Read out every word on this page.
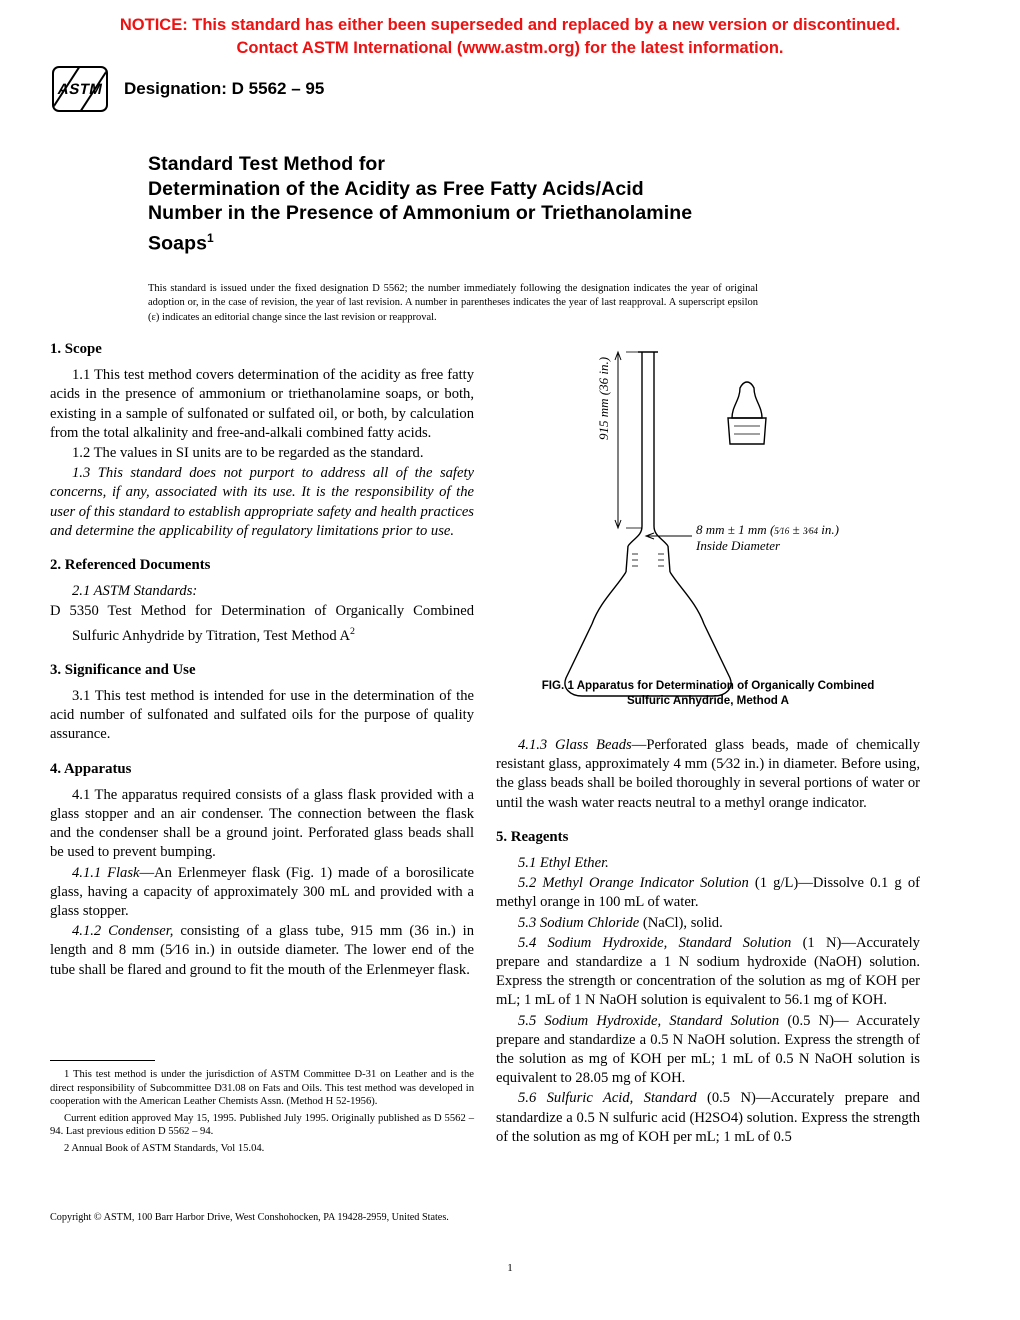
NOTICE: This standard has either been superseded and replaced by a new version or discontinued.
Contact ASTM International (www.astm.org) for the latest information.
ASTM Designation: D 5562 – 95
Standard Test Method for
Determination of the Acidity as Free Fatty Acids/Acid
Number in the Presence of Ammonium or Triethanolamine
Soaps$^1$
This standard is issued under the fixed designation D 5562; the number immediately following the designation indicates the year of original adoption or, in the case of revision, the year of last revision. A number in parentheses indicates the year of last reapproval. A superscript epsilon (ε) indicates an editorial change since the last revision or reapproval.
1. Scope

1.1 This test method covers determination of the acidity as free fatty acids in the presence of ammonium or triethanolamine soaps, or both, existing in a sample of sulfonated or sulfated oil, or both, by calculation from the total alkalinity and free-and-alkali combined fatty acids.

1.2 The values in SI units are to be regarded as the standard.

1.3 This standard does not purport to address all of the safety concerns, if any, associated with its use. It is the responsibility of the user of this standard to establish appropriate safety and health practices and determine the applicability of regulatory limitations prior to use.

2. Referenced Documents

2.1 ASTM Standards:

D 5350 Test Method for Determination of Organically Combined Sulfuric Anhydride by Titration, Test Method $A^2$

3. Significance and Use

3.1 This test method is intended for use in the determination of the acid number of sulfonated and sulfated oils for the purpose of quality assurance.

4. Apparatus

4.1 The apparatus required consists of a glass flask provided with a glass stopper and an air condenser. The connection between the flask and the condenser shall be a ground joint. Perforated glass beads shall be used to prevent bumping.

4.1.1 Flask—An Erlenmeyer flask (Fig. 1) made of a borosilicate glass, having a capacity of approximately 300 mL and provided with a glass stopper.

4.1.2 Condenser, consisting of a glass tube, 915 mm (36 in.) in length and 8 mm (5⁄16 in.) in outside diameter. The lower end of the tube shall be flared and ground to fit the mouth of the Erlenmeyer flask.

915 mm (36 in.)
8 mm ± 1 mm (5⁄16 ± 3⁄64 in.)
Inside Diameter
FIG. 1 Apparatus for Determination of Organically Combined
Sulfuric Anhydride, Method A

4.1.3 Glass Beads—Perforated glass beads, made of chemically resistant glass, approximately 4 mm (5⁄32 in.) in diameter. Before using, the glass beads shall be boiled thoroughly in several portions of water or until the wash water reacts neutral to a methyl orange indicator.

5. Reagents

5.1 Ethyl Ether.

5.2 Methyl Orange Indicator Solution (1 g/L)—Dissolve 0.1 g of methyl orange in 100 mL of water.

5.3 Sodium Chloride (NaCl), solid.

5.4 Sodium Hydroxide, Standard Solution (1 N)—Accurately prepare and standardize a 1 N sodium hydroxide (NaOH) solution. Express the strength or concentration of the solution as mg of KOH per mL; 1 mL of 1 N NaOH solution is equivalent to 56.1 mg of KOH.

5.5 Sodium Hydroxide, Standard Solution (0.5 N)— Accurately prepare and standardize a 0.5 N NaOH solution. Express the strength of the solution as mg of KOH per mL; 1 mL of 0.5 N NaOH solution is equivalent to 28.05 mg of KOH.

5.6 Sulfuric Acid, Standard (0.5 N)—Accurately prepare and standardize a 0.5 N sulfuric acid (H2SO4) solution. Express the strength of the solution as mg of KOH per mL; 1 mL of 0.5

1 This test method is under the jurisdiction of ASTM Committee D-31 on Leather and is the direct responsibility of Subcommittee D31.08 on Fats and Oils. This test method was developed in cooperation with the American Leather Chemists Assn. (Method H 52-1956).

Current edition approved May 15, 1995. Published July 1995. Originally published as D 5562 – 94. Last previous edition D 5562 – 94.

2 Annual Book of ASTM Standards, Vol 15.04.

Copyright © ASTM, 100 Barr Harbor Drive, West Conshohocken, PA 19428-2959, United States.
1
